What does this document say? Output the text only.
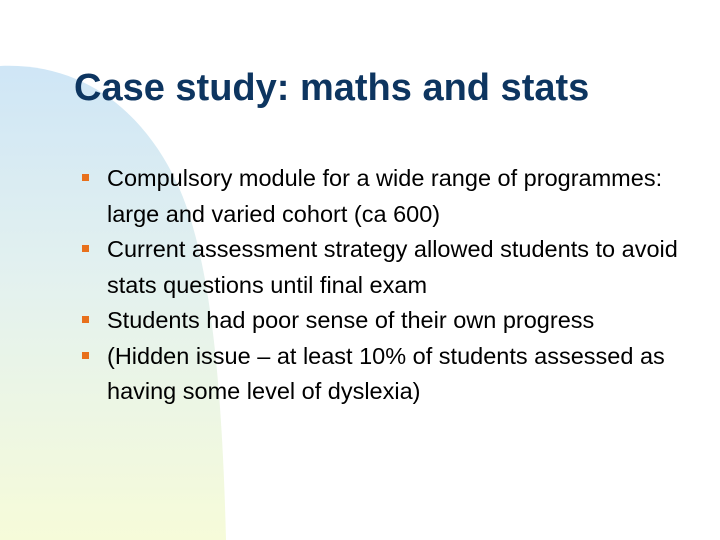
Case study: maths and stats
Compulsory module for a wide range of programmes: large and varied cohort (ca 600)
Current assessment strategy allowed students to avoid stats questions until final exam
Students had poor sense of their own progress
(Hidden issue – at least 10% of students assessed as having some level of dyslexia)
